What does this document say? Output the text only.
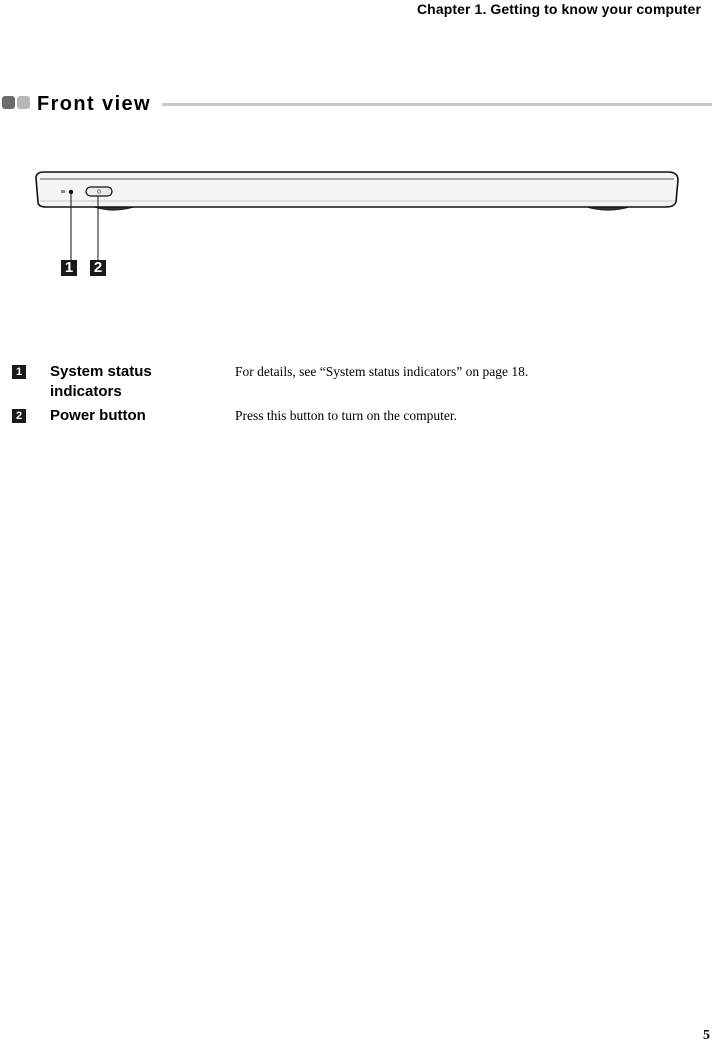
Chapter 1. Getting to know your computer
Front view
1 2
1 System status indicators
For details, see “System status indicators” on page 18.
2 Power button	Press this button to turn on the computer.
5
